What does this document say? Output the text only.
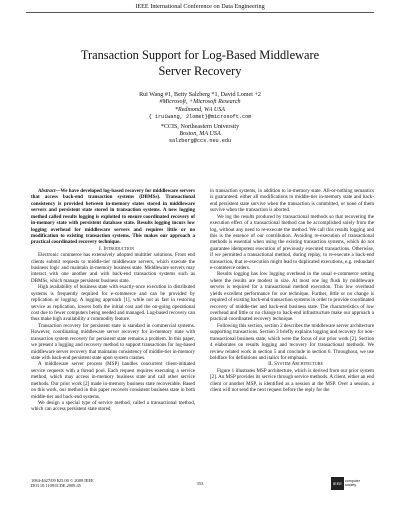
IEEE International Conference on Data Engineering
Transaction Support for Log-Based Middleware
Server Recovery
Rui Wang #1, Betty Salzberg *1, David Lomet +2
#Microsoft, +Microsoft Research
*Redmond, WA USA
{ 1ruiwang, 2lomet}@microsoft.com
*CCIS, Northeastern University
Boston, MA USA
salzberg@ccs.neu.edu

Abstract—We have developed log-based recovery for middleware servers that access back-end transaction systems (DBMSs). Transactional consistency is provided between in-memory states stored in middleware servers and persistent state stored in transaction systems. A new logging method called results logging is exploited to ensure coordinated recovery of in-memory state with persistent database state. Results logging incurs low logging overhead for middleware servers and requires little or no modification to existing transaction systems. This makes our approach a practical coordinated recovery technique.

I. Introduction

Electronic commerce has extensively adopted multitier solutions. Front end clients submit requests to middle-tier middleware servers, which execute the business logic and maintain in-memory business state. Middleware servers may interact with one another and with back-end transaction systems such as DBMSs, which manage persistent business state.

High availability of business state with exactly-once execution in distributed systems is frequently required for e-commerce and can be provided by replication or logging. A logging approach [1], while not as fast in restoring service as replication, lowers both the initial cost and the on-going operational cost due to fewer computers being needed and managed. Log-based recovery can thus make high availability a commodity feature.

Transaction recovery for persistent state is standard in commercial systems. However, coordinating middleware server recovery for in-memory state with transaction system recovery for persistent state remains a problem. In this paper, we present a logging and recovery method to support transactions for log-based middleware server recovery that maintains consistency of middle-tier in-memory state with back-end persistent state upon system crashes.

A middleware server process (MSP) handles concurrent client-initiated service requests with a thread pool. Each request requires executing a service method, which may access in-memory business state and call other service methods. Our prior work [2] made in-memory business state recoverable. Based on this work, our method in this paper recovers consistent business state in both middle-tier and back-end systems.

We design a special type of service method, called a transactional method, which can access persistent state stored

in transaction systems, in addition to in-memory state. All-or-nothing semantics is guaranteed: either all modifications to middle-tier in-memory state and back-end persistent state survive when the transaction is committed, or none of them survive when the transaction is aborted.

We log the results produced by transactional methods so that recovering the execution effect of a transactional method can be accomplished solely from the log, without any need to re-execute the method. We call this results logging and this is the essence of our contribution. Avoiding re-execution of transactional methods is essential when using the existing transaction systems, which do not guarantee idempotent execution of previously executed transactions. Otherwise, if we permitted a transactional method, during replay, to re-execute a back-end transaction, that re-execution might lead to duplicated executions, e.g. redundant e-commerce orders.

Results logging has low logging overhead in the usual e-commerce setting where the results are modest in size. At most one log flush by middleware servers is required for a transactional method execution. This low overhead yields excellent performance for our technique. Further, little or no change is required of existing back-end transaction systems in order to provide coordinated recovery of middle-tier and back-end business state. The characteristics of low overhead and little or no change to back-end infrastructure make our approach a practical coordinated recovery technique.

Following this section, section 2 describes the middleware server architecture supporting transactions. Section 3 briefly explains logging and recovery for non-transactional business state, which were the focus of our prior work [2]. Section 4 elaborates on results logging and recovery for transactional methods. We review related work in section 5 and conclude in section 6. Throughout, we use boldface for definitions and italics for emphasis.

II. System Architecture

Figure 1 illustrates MSP architecture, which is derived from our prior system [2]. An MSP provides its service through service methods. A client, either an end client or another MSP, is identified as a session at the MSP. Over a session, a client will not send the next request before the reply for the

1084-4627/09 $25.00 © 2009 IEEE
DOI 10.1109/ICDE.2009.45	353	IEEE computer
society
